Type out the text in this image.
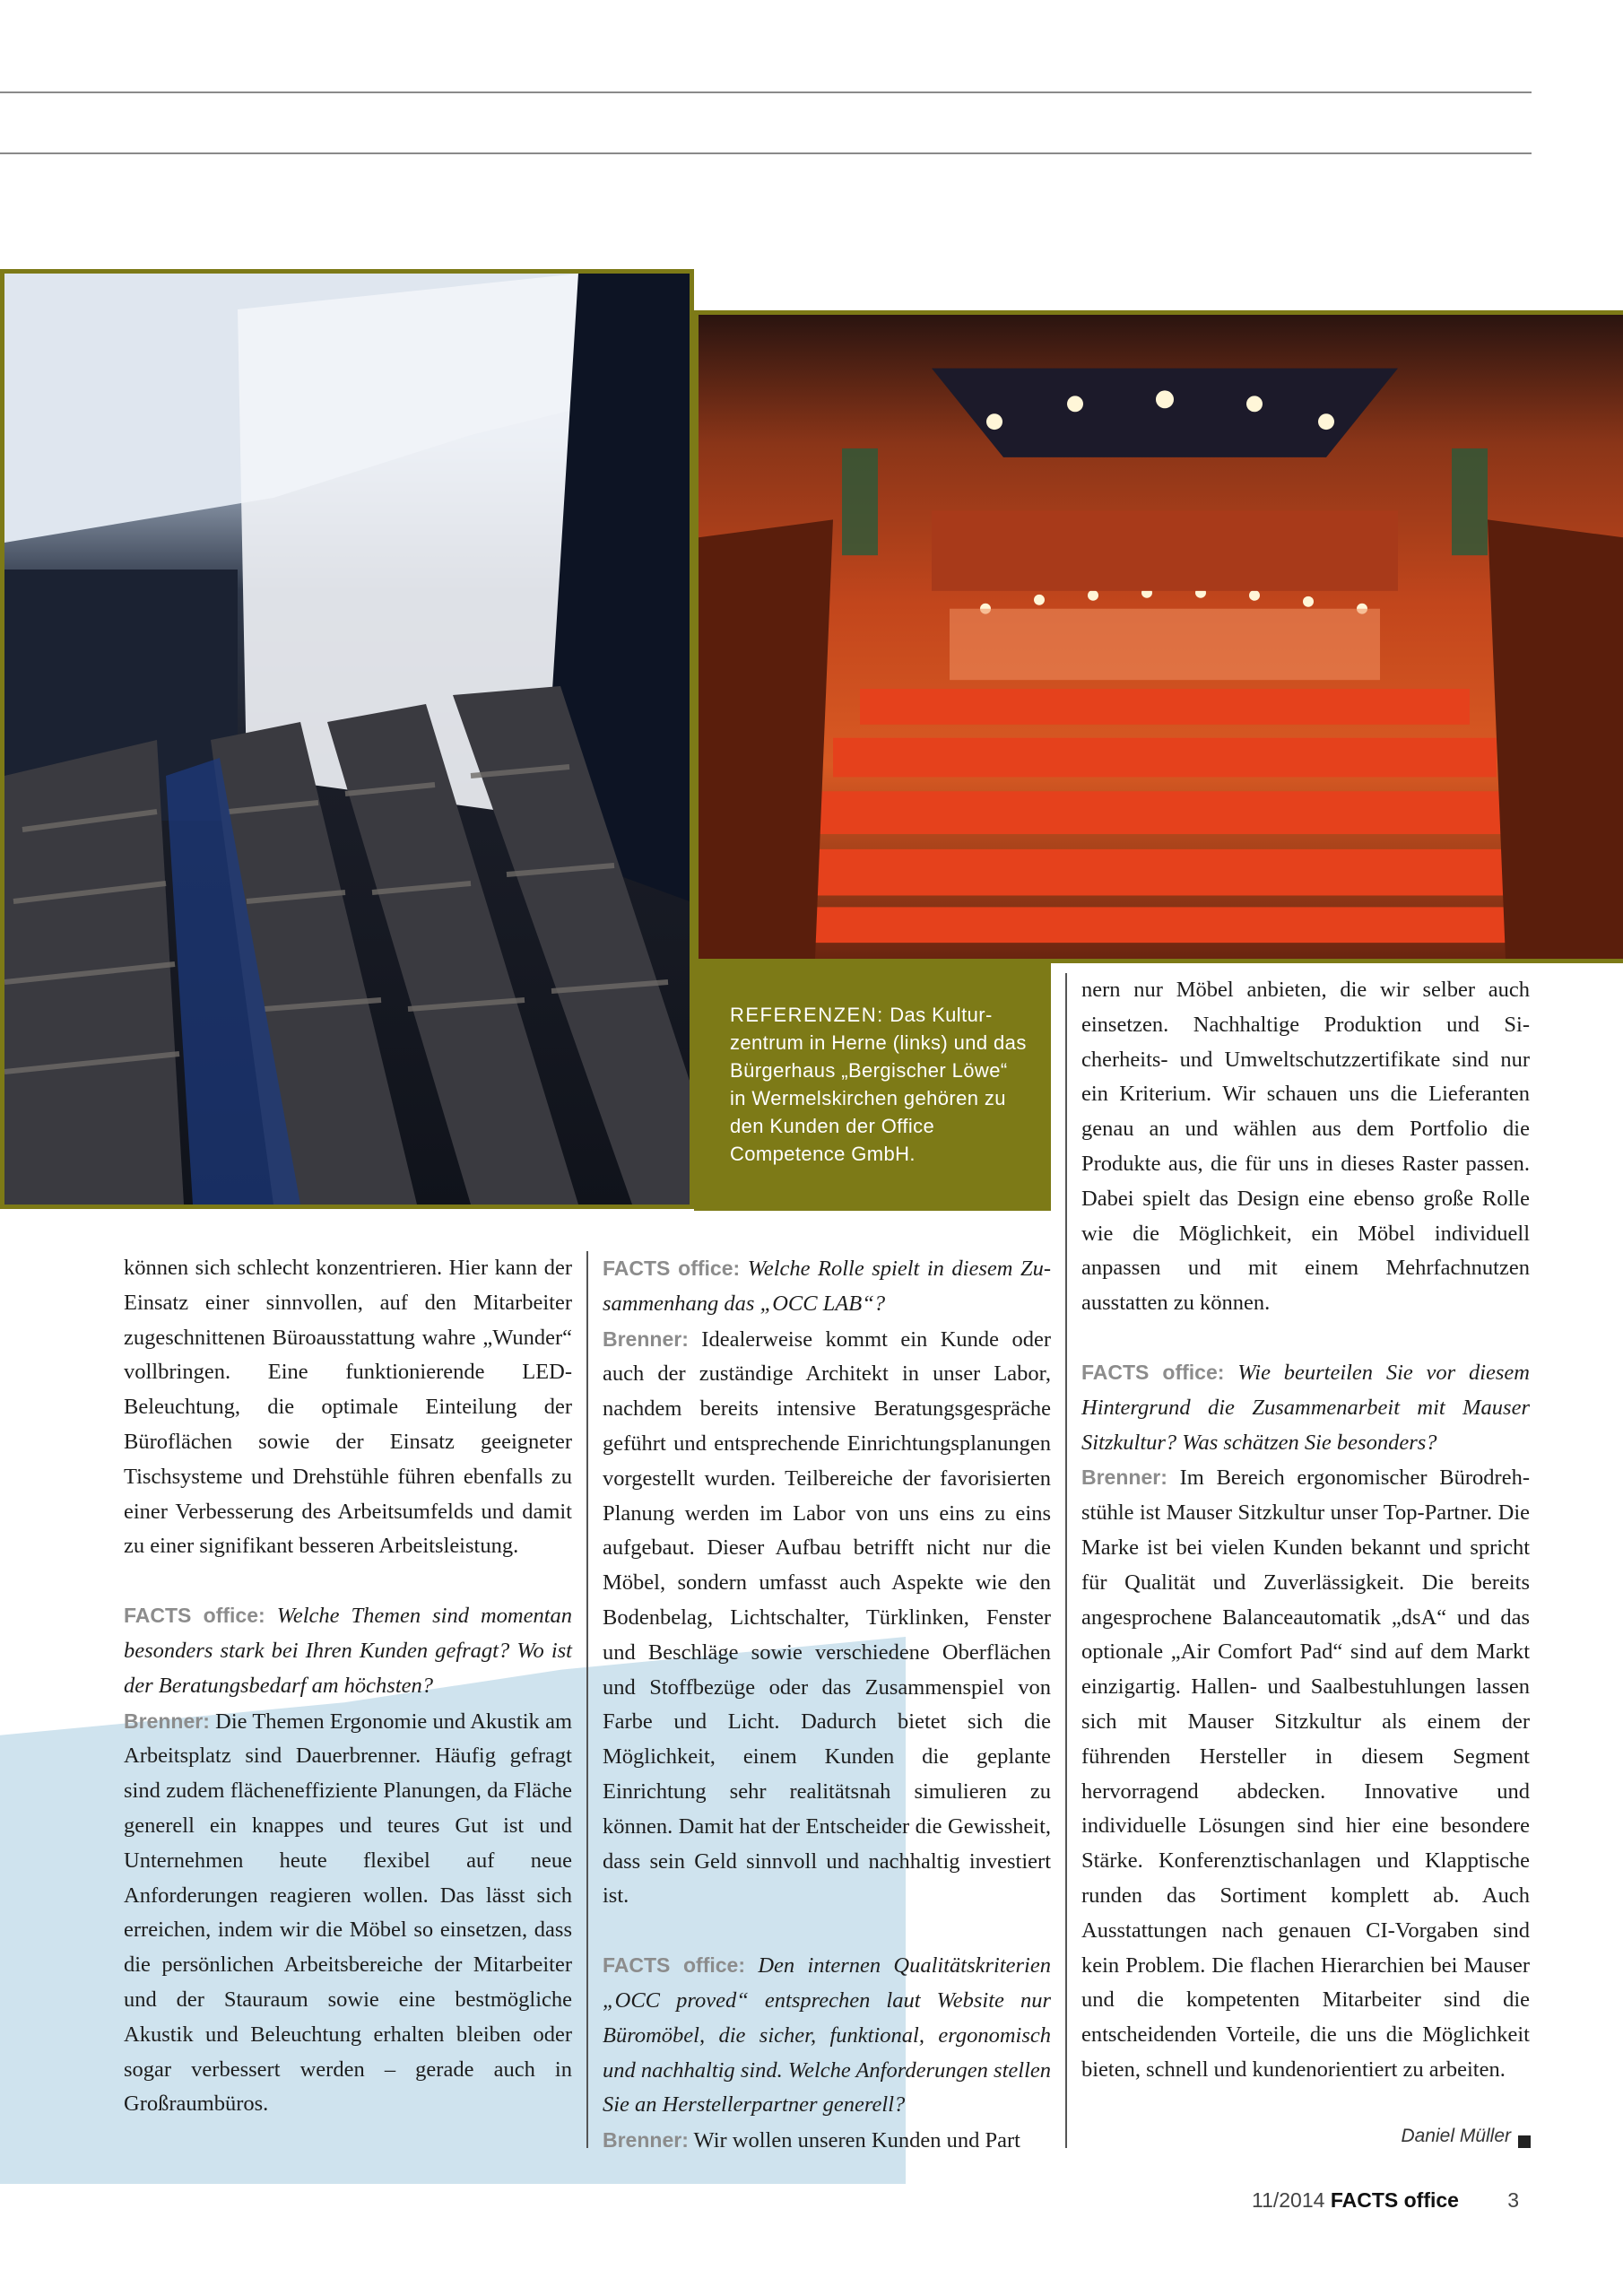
REFERENZEN: Das Kulturzentrum in Herne (links) und das Bürgerhaus „Bergischer Löwe“ in Wermelskirchen gehören zu den Kunden der Office Competence GmbH.

können sich schlecht konzentrieren. Hier kann der Einsatz einer sinnvollen, auf den Mitarbeiter zugeschnittenen Büroausstattung wahre „Wunder“ vollbringen. Eine funktionierende LED-Beleuchtung, die optimale Einteilung der Büroflächen sowie der Einsatz geeigneter Tischsysteme und Drehstühle führen ebenfalls zu einer Verbesserung des Arbeitsumfelds und damit zu einer signifikant besseren Arbeitsleistung.

FACTS office: Welche Themen sind momentan besonders stark bei Ihren Kunden gefragt? Wo ist der Beratungsbedarf am höchsten?
Brenner: Die Themen Ergonomie und Akustik am Arbeitsplatz sind Dauerbrenner. Häufig gefragt sind zudem flächeneffiziente Planungen, da Fläche generell ein knappes und teures Gut ist und Unternehmen heute flexibel auf neue Anforderungen reagieren wollen. Das lässt sich erreichen, indem wir die Möbel so einsetzen, dass die persönlichen Arbeitsbereiche der Mitarbeiter und der Stauraum sowie eine bestmögliche Akustik und Beleuchtung erhalten bleiben oder sogar verbessert werden – gerade auch in Großraumbüros.

FACTS office: Welche Rolle spielt in diesem Zusammenhang das „OCC LAB“?
Brenner: Idealerweise kommt ein Kunde oder auch der zuständige Architekt in unser Labor, nachdem bereits intensive Beratungsgespräche geführt und entsprechende Einrichtungsplanungen vorgestellt wurden. Teilbereiche der favorisierten Planung werden im Labor von uns eins zu eins aufgebaut. Dieser Aufbau betrifft nicht nur die Möbel, sondern umfasst auch Aspekte wie den Bodenbelag, Lichtschalter, Türklinken, Fenster und Beschläge sowie verschiedene Oberflächen und Stoffbezüge oder das Zusammenspiel von Farbe und Licht. Dadurch bietet sich die Möglichkeit, einem Kunden die geplante Einrichtung sehr realitätsnah simulieren zu können. Damit hat der Entscheider die Gewissheit, dass sein Geld sinnvoll und nachhaltig investiert ist.

FACTS office: Den internen Qualitätskriterien „OCC proved“ entsprechen laut Website nur Büromöbel, die sicher, funktional, ergonomisch und nachhaltig sind. Welche Anforderungen stellen Sie an Herstellerpartner generell?
Brenner: Wir wollen unseren Kunden und Part

nern nur Möbel anbieten, die wir selber auch einsetzen. Nachhaltige Produktion und Sicherheits- und Umweltschutzzertifikate sind nur ein Kriterium. Wir schauen uns die Lieferanten genau an und wählen aus dem Portfolio die Produkte aus, die für uns in dieses Raster passen. Dabei spielt das Design eine ebenso große Rolle wie die Möglichkeit, ein Möbel individuell anpassen und mit einem Mehrfachnutzen ausstatten zu können.

FACTS office: Wie beurteilen Sie vor diesem Hintergrund die Zusammenarbeit mit Mauser Sitzkultur? Was schätzen Sie besonders?
Brenner: Im Bereich ergonomischer Bürodrehstühle ist Mauser Sitzkultur unser Top-Partner. Die Marke ist bei vielen Kunden bekannt und spricht für Qualität und Zuverlässigkeit. Die bereits angesprochene Balanceautomatik „dsA“ und das optionale „Air Comfort Pad“ sind auf dem Markt einzigartig. Hallen- und Saalbestuhlungen lassen sich mit Mauser Sitzkultur als einem der führenden Hersteller in diesem Segment hervorragend abdecken. Innovative und individuelle Lösungen sind hier eine besondere Stärke. Konferenztischanlagen und Klapptische runden das Sortiment komplett ab. Auch Ausstattungen nach genauen CI-Vorgaben sind kein Problem. Die flachen Hierarchien bei Mauser und die kompetenten Mitarbeiter sind die entscheidenden Vorteile, die uns die Möglichkeit bieten, schnell und kundenorientiert zu arbeiten.

Daniel Müller
11/2014 FACTS office 3
